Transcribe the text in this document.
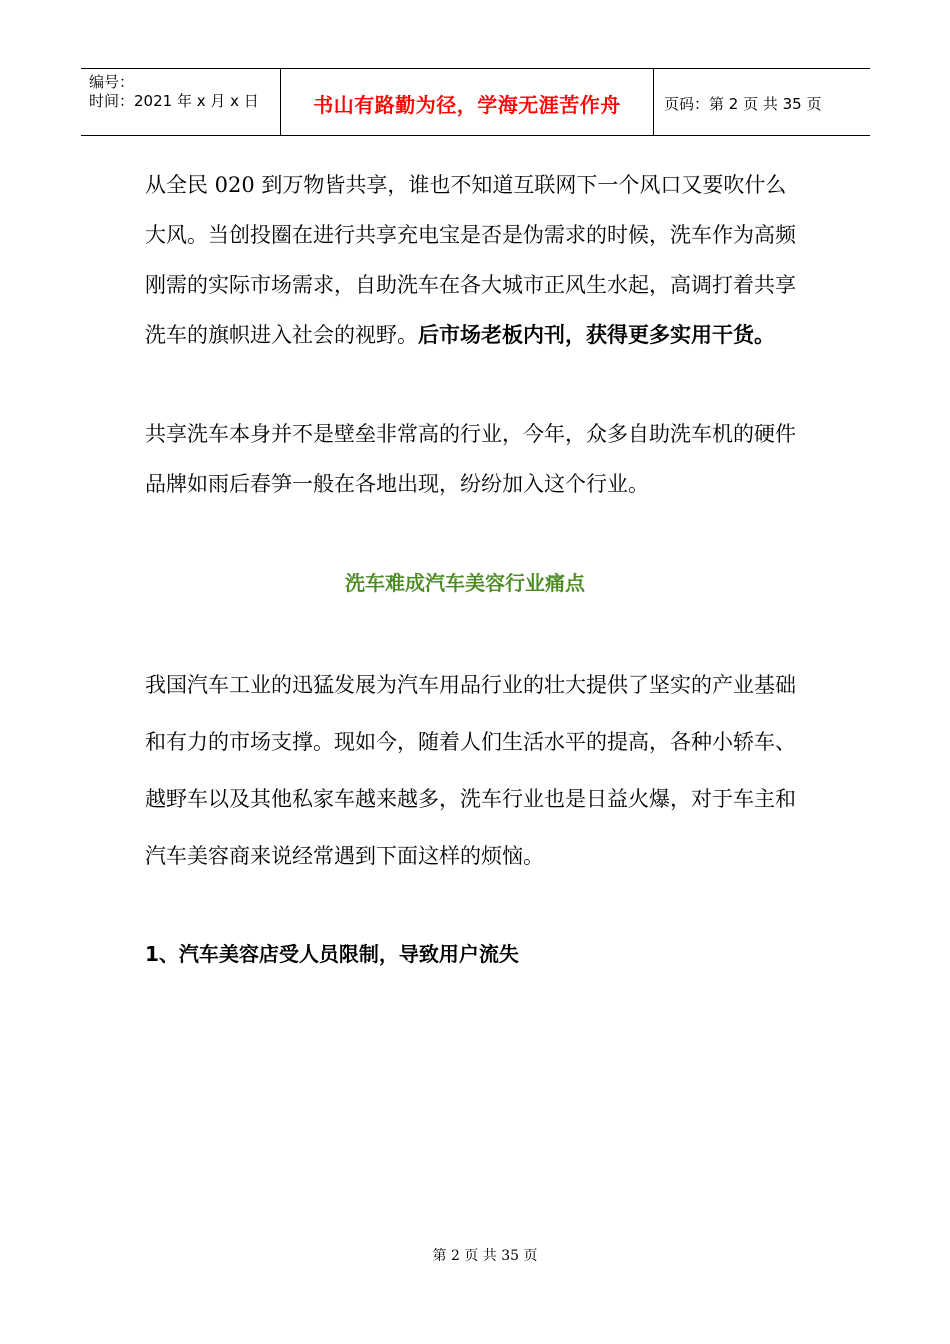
编号：
时间：2021 年 x 月 x 日	书山有路勤为径，学海无涯苦作舟	页码：第 2 页 共 35 页

从全民 020 到万物皆共享，谁也不知道互联网下一个风口又要吹什么大风。当创投圈在进行共享充电宝是否是伪需求的时候，洗车作为高频刚需的实际市场需求，自助洗车在各大城市正风生水起，高调打着共享洗车的旗帜进入社会的视野。后市场老板内刊，获得更多实用干货。

共享洗车本身并不是壁垒非常高的行业，今年，众多自助洗车机的硬件品牌如雨后春笋一般在各地出现，纷纷加入这个行业。

洗车难成汽车美容行业痛点

我国汽车工业的迅猛发展为汽车用品行业的壮大提供了坚实的产业基础和有力的市场支撑。现如今，随着人们生活水平的提高，各种小轿车、越野车以及其他私家车越来越多，洗车行业也是日益火爆，对于车主和汽车美容商来说经常遇到下面这样的烦恼。

1、汽车美容店受人员限制，导致用户流失
第 2 页 共 35 页
